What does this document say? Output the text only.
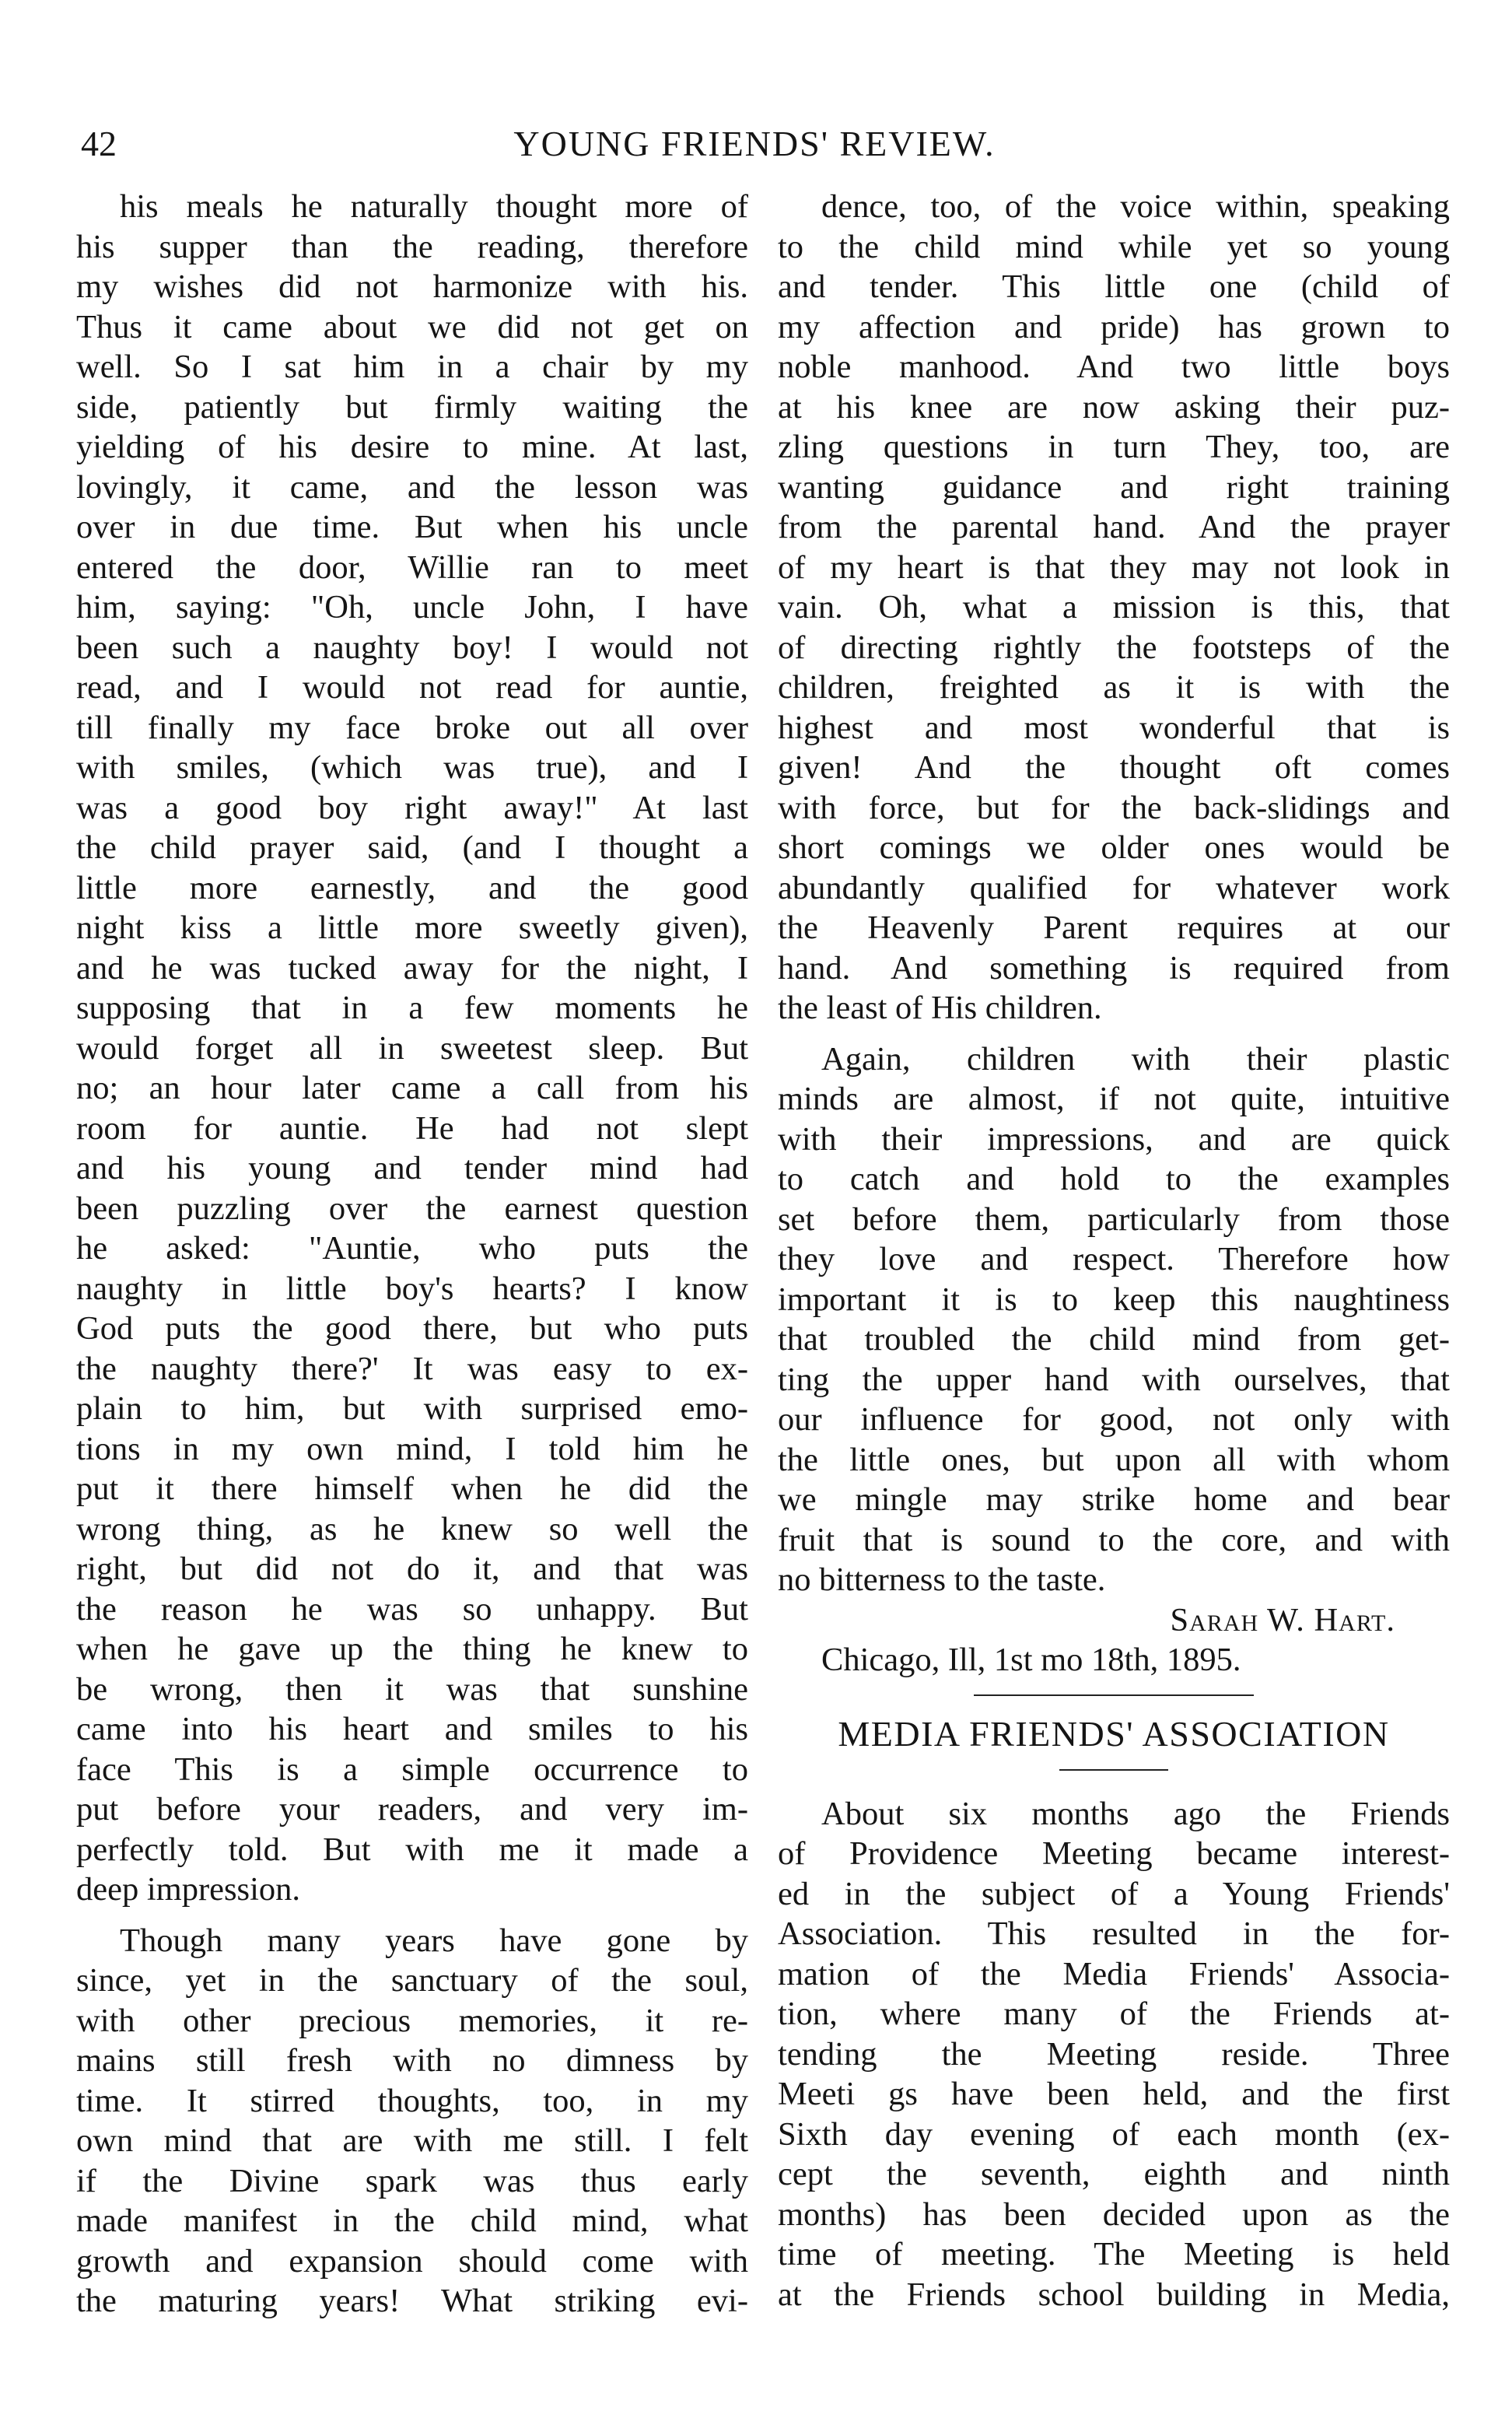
42	YOUNG FRIENDS' REVIEW.
his meals he naturally thought more of
his supper than the reading, therefore
my wishes did not harmonize with his.
Thus it came about we did not get on
well. So I sat him in a chair by my
side, patiently but firmly waiting the
yielding of his desire to mine. At last,
lovingly, it came, and the lesson was
over in due time. But when his uncle
entered the door, Willie ran to meet
him, saying: "Oh, uncle John, I have
been such a naughty boy! I would not
read, and I would not read for auntie,
till finally my face broke out all over
with smiles, (which was true), and I
was a good boy right away!" At last
the child prayer said, (and I thought a
little more earnestly, and the good
night kiss a little more sweetly given),
and he was tucked away for the night, I
supposing that in a few moments he
would forget all in sweetest sleep. But
no; an hour later came a call from his
room for auntie. He had not slept
and his young and tender mind had
been puzzling over the earnest question
he asked: "Auntie, who puts the
naughty in little boy's hearts? I know
God puts the good there, but who puts
the naughty there?' It was easy to ex-
plain to him, but with surprised emo-
tions in my own mind, I told him he
put it there himself when he did the
wrong thing, as he knew so well the
right, but did not do it, and that was
the reason he was so unhappy. But
when he gave up the thing he knew to
be wrong, then it was that sunshine
came into his heart and smiles to his
face This is a simple occurrence to
put before your readers, and very im-
perfectly told. But with me it made a
deep impression.
Though many years have gone by
since, yet in the sanctuary of the soul,
with other precious memories, it re-
mains still fresh with no dimness by
time. It stirred thoughts, too, in my
own mind that are with me still. I felt
if the Divine spark was thus early
made manifest in the child mind, what
growth and expansion should come with
the maturing years! What striking evi-
dence, too, of the voice within, speaking
to the child mind while yet so young
and tender. This little one (child of
my affection and pride) has grown to
noble manhood. And two little boys
at his knee are now asking their puz-
zling questions in turn They, too, are
wanting guidance and right training
from the parental hand. And the prayer
of my heart is that they may not look in
vain. Oh, what a mission is this, that
of directing rightly the footsteps of the
children, freighted as it is with the
highest and most wonderful that is
given! And the thought oft comes
with force, but for the back-slidings and
short comings we older ones would be
abundantly qualified for whatever work
the Heavenly Parent requires at our
hand. And something is required from
the least of His children.
Again, children with their plastic
minds are almost, if not quite, intuitive
with their impressions, and are quick
to catch and hold to the examples
set before them, particularly from those
they love and respect. Therefore how
important it is to keep this naughtiness
that troubled the child mind from get-
ting the upper hand with ourselves, that
our influence for good, not only with
the little ones, but upon all with whom
we mingle may strike home and bear
fruit that is sound to the core, and with
no bitterness to the taste.
Sarah W. Hart.
Chicago, Ill, 1st mo 18th, 1895.
MEDIA FRIENDS' ASSOCIATION
About six months ago the Friends
of Providence Meeting became interest-
ed in the subject of a Young Friends'
Association. This resulted in the for-
mation of the Media Friends' Associa-
tion, where many of the Friends at-
tending the Meeting reside. Three
Meeti gs have been held, and the first
Sixth day evening of each month (ex-
cept the seventh, eighth and ninth
months) has been decided upon as the
time of meeting. The Meeting is held
at the Friends school building in Media,
